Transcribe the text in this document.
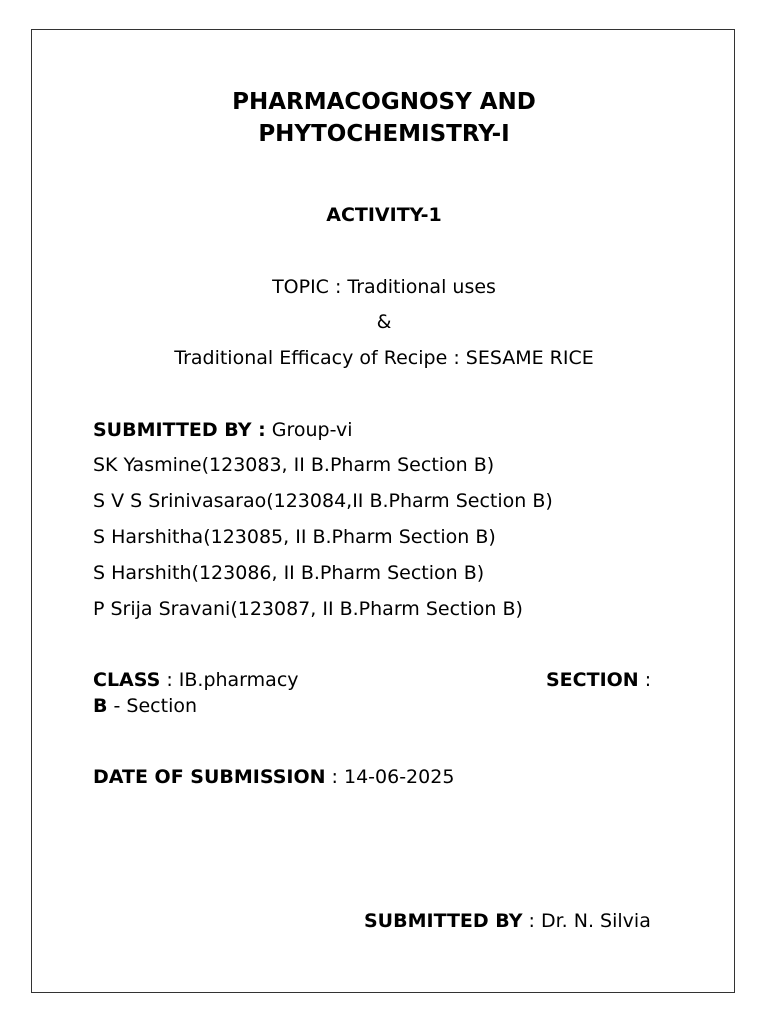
PHARMACOGNOSY AND
PHYTOCHEMISTRY-I
ACTIVITY-1
TOPIC : Traditional uses
&
Traditional Efficacy of Recipe : SESAME RICE
SUBMITTED BY : Group-vi
SK Yasmine(123083, II B.Pharm Section B)
S V S Srinivasarao(123084,II B.Pharm Section B)
S Harshitha(123085, II B.Pharm Section B)
S Harshith(123086, II B.Pharm Section B)
P Srija Sravani(123087, II B.Pharm Section B)
CLASS : IB.pharmacy	SECTION :
B - Section
DATE OF SUBMISSION : 14-06-2025
SUBMITTED BY : Dr. N. Silvia
